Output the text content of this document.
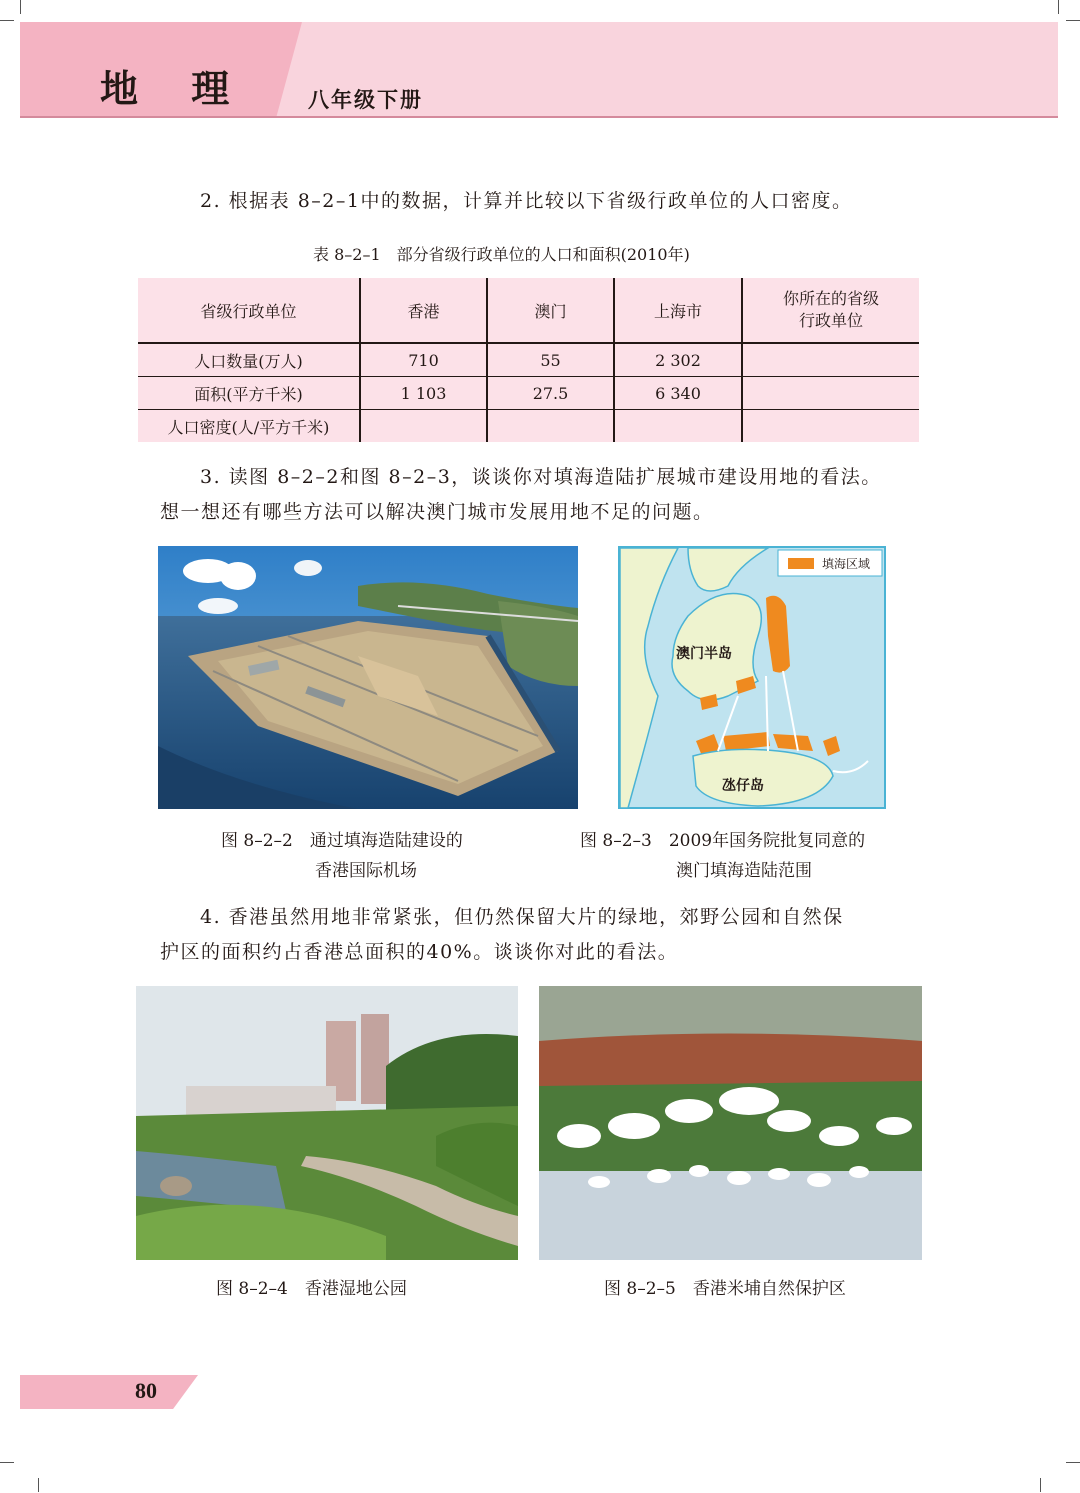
地 理	八年级下册
2. 根据表 8–2–1中的数据，计算并比较以下省级行政单位的人口密度。
表 8–2–1　部分省级行政单位的人口和面积(2010年)
省级行政单位	香港	澳门	上海市	你所在的省级行政单位
人口数量(万人)	710	55	2 302	
面积(平方千米)	1 103	27.5	6 340	
人口密度(人/平方千米)				
3. 读图 8–2–2和图 8–2–3，谈谈你对填海造陆扩展城市建设用地的看法。
想一想还有哪些方法可以解决澳门城市发展用地不足的问题。
填海区域
澳门半岛
氹仔岛
图 8–2–2　通过填海造陆建设的
香港国际机场
图 8–2–3　2009年国务院批复同意的
澳门填海造陆范围
4. 香港虽然用地非常紧张，但仍然保留大片的绿地，郊野公园和自然保
护区的面积约占香港总面积的40%。谈谈你对此的看法。
图 8–2–4　香港湿地公园	图 8–2–5　香港米埔自然保护区
80
